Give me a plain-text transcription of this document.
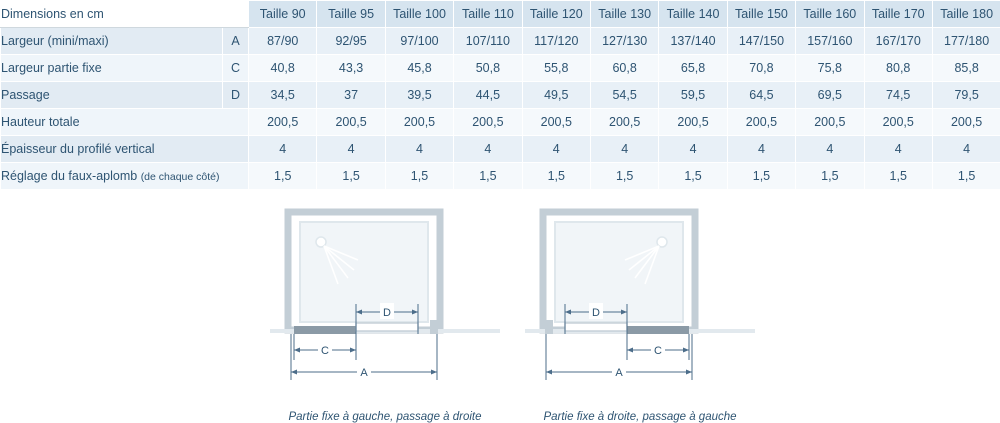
Dimensions en cm		Taille 90	Taille 95	Taille 100	Taille 110	Taille 120	Taille 130	Taille 140	Taille 150	Taille 160	Taille 170	Taille 180
Largeur (mini/maxi)	A	87/90	92/95	97/100	107/110	117/120	127/130	137/140	147/150	157/160	167/170	177/180
Largeur partie fixe	C	40,8	43,3	45,8	50,8	55,8	60,8	65,8	70,8	75,8	80,8	85,8
Passage	D	34,5	37	39,5	44,5	49,5	54,5	59,5	64,5	69,5	74,5	79,5
Hauteur totale		200,5	200,5	200,5	200,5	200,5	200,5	200,5	200,5	200,5	200,5	200,5
Épaisseur du profilé vertical		4	4	4	4	4	4	4	4	4	4	4
Réglage du faux-aplomb (de chaque côté)		1,5	1,5	1,5	1,5	1,5	1,5	1,5	1,5	1,5	1,5	1,5
D
C
A
Partie fixe à gauche, passage à droite
D
C
A
Partie fixe à droite, passage à gauche
